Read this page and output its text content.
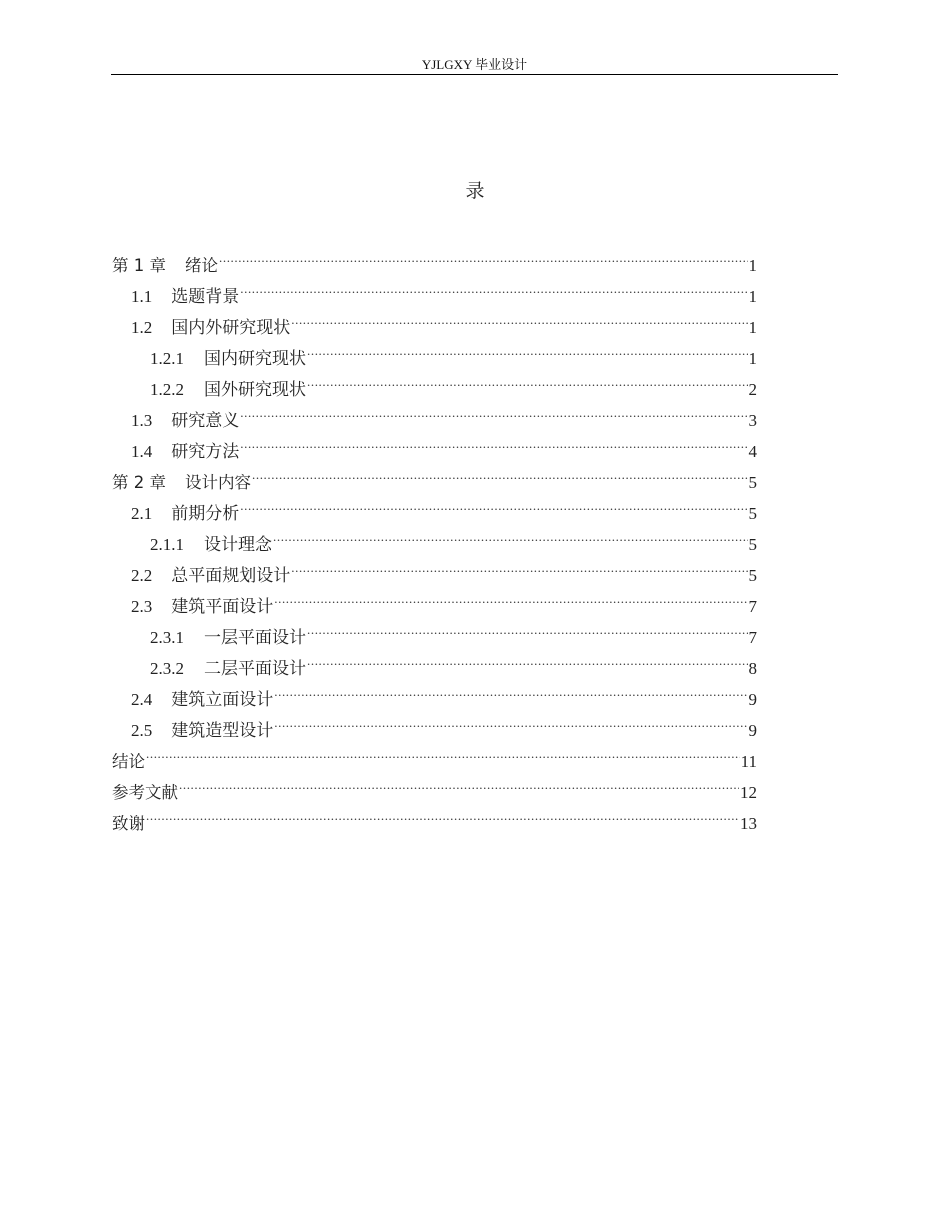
YJLGXY 毕业设计
录
第 1 章 绪论 .....	1
1.1 选题背景 .....	1
1.2 国内外研究现状 .....	1
1.2.1 国内研究现状 .....	1
1.2.2 国外研究现状 .....	2
1.3 研究意义 .....	3
1.4 研究方法 .....	4
第 2 章 设计内容 .....	5
2.1 前期分析 .....	5
2.1.1 设计理念 .....	5
2.2 总平面规划设计 .....	5
2.3 建筑平面设计 .....	7
2.3.1 一层平面设计 .....	7
2.3.2 二层平面设计 .....	8
2.4 建筑立面设计 .....	9
2.5 建筑造型设计 .....	9
结论 .....	11
参考文献 .....	12
致谢 .....	13
